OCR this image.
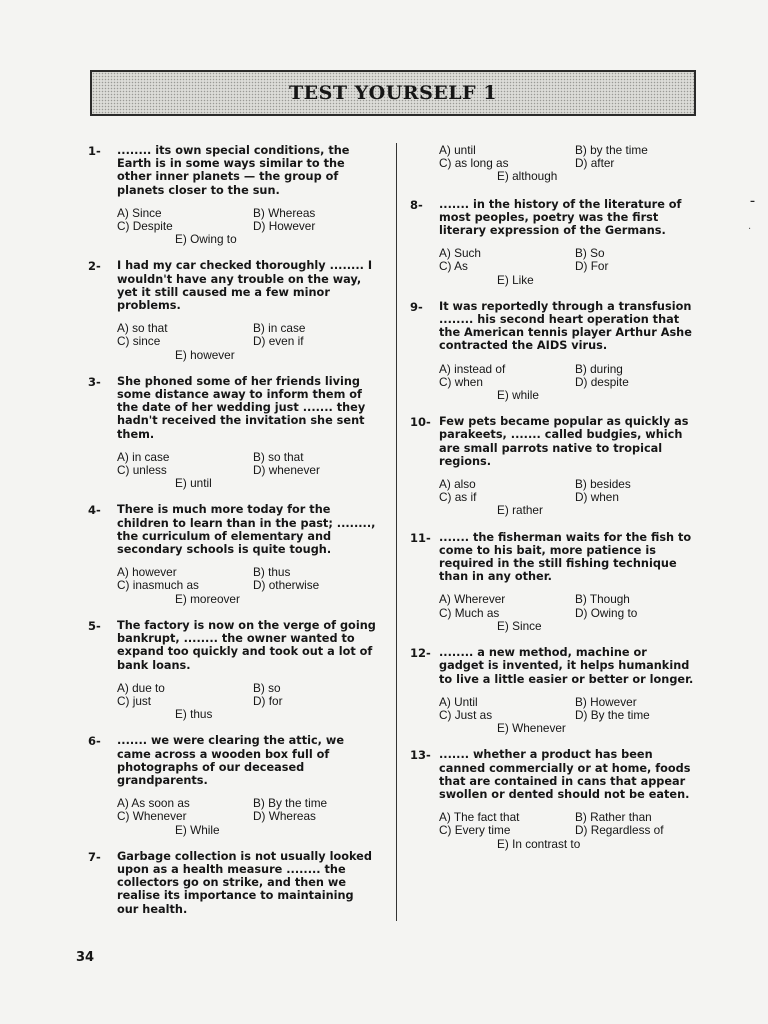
TEST YOURSELF 1
1- ........ its own special conditions, the Earth is in some ways similar to the other inner planets — the group of planets closer to the sun.
A) Since	B) Whereas
C) Despite	D) However
E) Owing to
2- I had my car checked thoroughly ........ I wouldn't have any trouble on the way, yet it still caused me a few minor problems.
A) so that	B) in case
C) since	D) even if
E) however
3- She phoned some of her friends living some distance away to inform them of the date of her wedding just ....... they hadn't received the invitation she sent them.
A) in case	B) so that
C) unless	D) whenever
E) until
4- There is much more today for the children to learn than in the past; ........, the curriculum of elementary and secondary schools is quite tough.
A) however	B) thus
C) inasmuch as	D) otherwise
E) moreover
5- The factory is now on the verge of going bankrupt, ........ the owner wanted to expand too quickly and took out a lot of bank loans.
A) due to	B) so
C) just	D) for
E) thus
6- ....... we were clearing the attic, we came across a wooden box full of photographs of our deceased grandparents.
A) As soon as	B) By the time
C) Whenever	D) Whereas
E) While
7- Garbage collection is not usually looked upon as a health measure ........ the collectors go on strike, and then we realise its importance to maintaining our health.
A) until	B) by the time
C) as long as	D) after
E) although
8- ....... in the history of the literature of most peoples, poetry was the first literary expression of the Germans.
A) Such	B) So
C) As	D) For
E) Like
9- It was reportedly through a transfusion ........ his second heart operation that the American tennis player Arthur Ashe contracted the AIDS virus.
A) instead of	B) during
C) when	D) despite
E) while
10- Few pets became popular as quickly as parakeets, ....... called budgies, which are small parrots native to tropical regions.
A) also	B) besides
C) as if	D) when
E) rather
11- ....... the fisherman waits for the fish to come to his bait, more patience is required in the still fishing technique than in any other.
A) Wherever	B) Though
C) Much as	D) Owing to
E) Since
12- ........ a new method, machine or gadget is invented, it helps humankind to live a little easier or better or longer.
A) Until	B) However
C) Just as	D) By the time
E) Whenever
13- ....... whether a product has been canned commercially or at home, foods that are contained in cans that appear swollen or dented should not be eaten.
A) The fact that	B) Rather than
C) Every time	D) Regardless of
E) In contrast to
34
–
·
